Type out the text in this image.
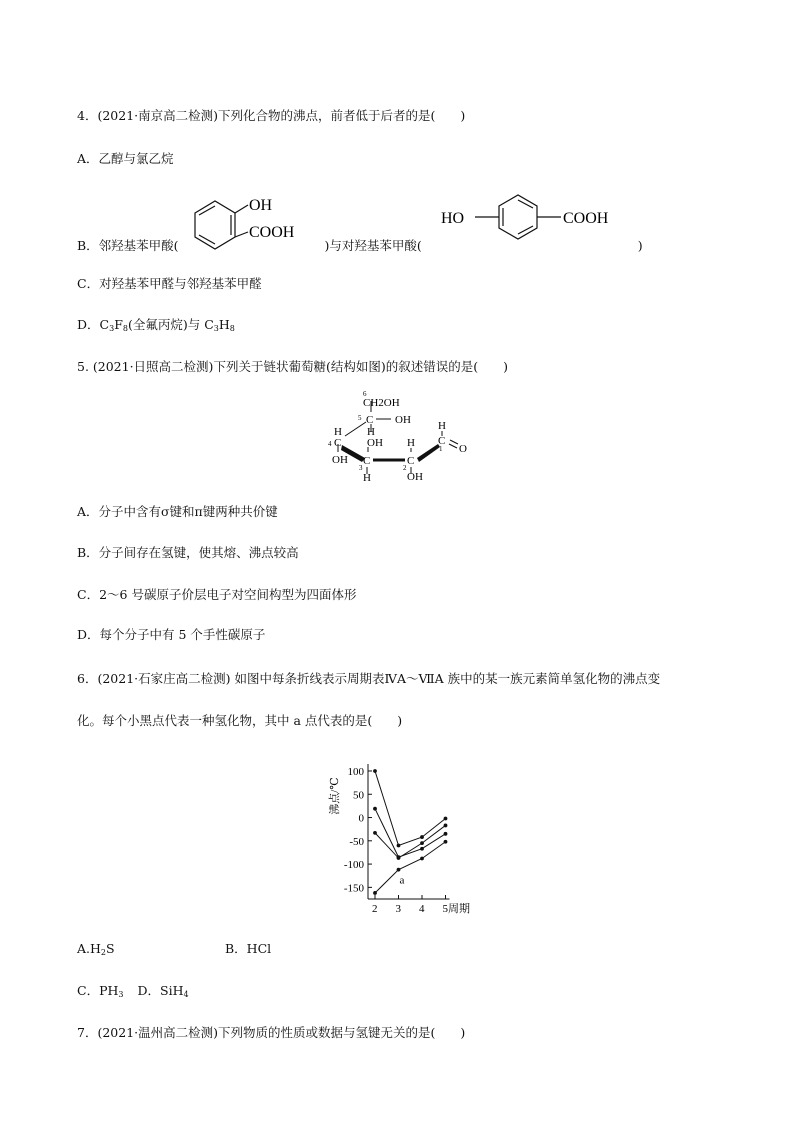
4．(2021·南京高二检测)下列化合物的沸点，前者低于后者的是(　　)
A．乙醇与氯乙烷
B．邻羟基苯甲酸(	)与对羟基苯甲酸(	)
OH
COOH
HO	COOH
C．对羟基苯甲醛与邻羟基苯甲醛
D．$C_3F_8$(全氟丙烷)与 $C_3H_8$
5. (2021·日照高二检测)下列关于链状葡萄糖(结构如图)的叙述错误的是(　　)
6
CH2OH
5 C OH
H
OH
H
4 C
OH C
3
H
H
C
2
OH
H
C
1 O
A．分子中含有σ键和π键两种共价键
B．分子间存在氢键，使其熔、沸点较高
C．2～6 号碳原子价层电子对空间构型为四面体形
D．每个分子中有 5 个手性碳原子
6．(2021·石家庄高二检测) 如图中每条折线表示周期表ⅣA～ⅦA 族中的某一族元素简单氢化物的沸点变
化。每个小黑点代表一种氢化物，其中 a 点代表的是(　　)
沸点/℃
100
50
0
-50
-100
-150
2 3 4 5周期
a
$A.H_2S$	B．HCl
C．$PH_3$ D．SiH$_4$
7．(2021·温州高二检测)下列物质的性质或数据与氢键无关的是(　　)
